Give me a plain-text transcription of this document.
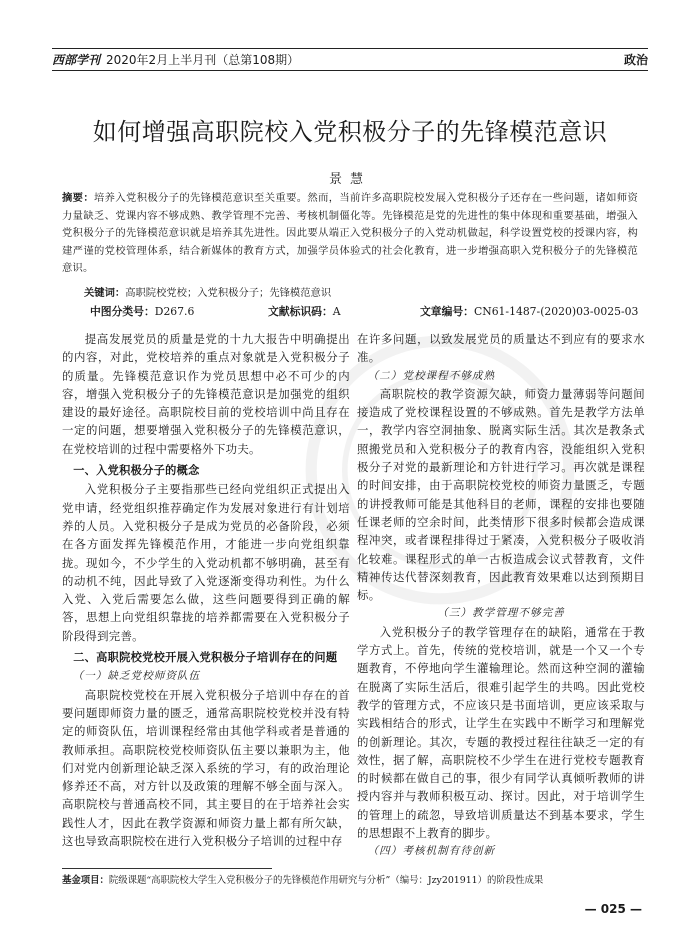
西部学刊 2020年2月上半月刊（总第108期）	政治
如何增强高职院校入党积极分子的先锋模范意识
景慧
摘要：培养入党积极分子的先锋模范意识至关重要。然而，当前许多高职院校发展入党积极分子还存在一些问题，诸如师资力量缺乏、党课内容不够成熟、教学管理不完善、考核机制僵化等。先锋模范是党的先进性的集中体现和重要基础，增强入党积极分子的先锋模范意识就是培养其先进性。因此要从端正入党积极分子的入党动机做起，科学设置党校的授课内容，构建严谨的党校管理体系，结合新媒体的教育方式，加强学员体验式的社会化教育，进一步增强高职入党积极分子的先锋模范意识。
关键词：高职院校党校；入党积极分子；先锋模范意识
中图分类号：D267.6	文献标识码：A	文章编号：CN61-1487-(2020)03-0025-03

提高发展党员的质量是党的十九大报告中明确提出的内容，对此，党校培养的重点对象就是入党积极分子的质量。先锋模范意识作为党员思想中必不可少的内容，增强入党积极分子的先锋模范意识是加强党的组织建设的最好途径。高职院校目前的党校培训中尚且存在一定的问题，想要增强入党积极分子的先锋模范意识，在党校培训的过程中需要格外下功夫。

一、入党积极分子的概念

入党积极分子主要指那些已经向党组织正式提出入党申请，经党组织推荐确定作为发展对象进行有计划培养的人员。入党积极分子是成为党员的必备阶段，必须在各方面发挥先锋模范作用，才能进一步向党组织靠拢。现如今，不少学生的入党动机都不够明确，甚至有的动机不纯，因此导致了入党逐渐变得功利性。为什么入党、入党后需要怎么做，这些问题要得到正确的解答，思想上向党组织靠拢的培养都需要在入党积极分子阶段得到完善。

二、高职院校党校开展入党积极分子培训存在的问题
（一）缺乏党校师资队伍

高职院校党校在开展入党积极分子培训中存在的首要问题即师资力量的匮乏，通常高职院校党校并没有特定的师资队伍，培训课程经常由其他学科或者是普通的教师承担。高职院校党校师资队伍主要以兼职为主，他们对党内创新理论缺乏深入系统的学习，有的政治理论修养还不高，对方针以及政策的理解不够全面与深入。高职院校与普通高校不同，其主要目的在于培养社会实践性人才，因此在教学资源和师资力量上都有所欠缺，这也导致高职院校在进行入党积极分子培训的过程中存

在许多问题，以致发展党员的质量达不到应有的要求水准。

（二）党校课程不够成熟

高职院校的教学资源欠缺，师资力量薄弱等问题间接造成了党校课程设置的不够成熟。首先是教学方法单一，教学内容空洞抽象、脱离实际生活。其次是教条式照搬党员和入党积极分子的教育内容，没能组织入党积极分子对党的最新理论和方针进行学习。再次就是课程的时间安排，由于高职院校党校的师资力量匮乏，专题的讲授教师可能是其他科目的老师，课程的安排也要随任课老师的空余时间，此类情形下很多时候都会造成课程冲突，或者课程排得过于紧凑，入党积极分子吸收消化较难。课程形式的单一古板造成会议式替教育，文件精神传达代替深刻教育，因此教育效果难以达到预期目标。

（三）教学管理不够完善

入党积极分子的教学管理存在的缺陷，通常在于教学方式上。首先，传统的党校培训，就是一个又一个专题教育，不停地向学生灌输理论。然而这种空洞的灌输在脱离了实际生活后，很难引起学生的共鸣。因此党校教学的管理方式，不应该只是书面培训，更应该采取与实践相结合的形式，让学生在实践中不断学习和理解党的创新理论。其次，专题的教授过程往往缺乏一定的有效性，据了解，高职院校不少学生在进行党校专题教育的时候都在做自己的事，很少有同学认真倾听教师的讲授内容并与教师积极互动、探讨。因此，对于培训学生的管理上的疏忽，导致培训质量达不到基本要求，学生的思想跟不上教育的脚步。

（四）考核机制有待创新
基金项目：院级课题“高职院校大学生入党积极分子的先锋模范作用研究与分析”（编号：Jzy201911）的阶段性成果
— 025 —
